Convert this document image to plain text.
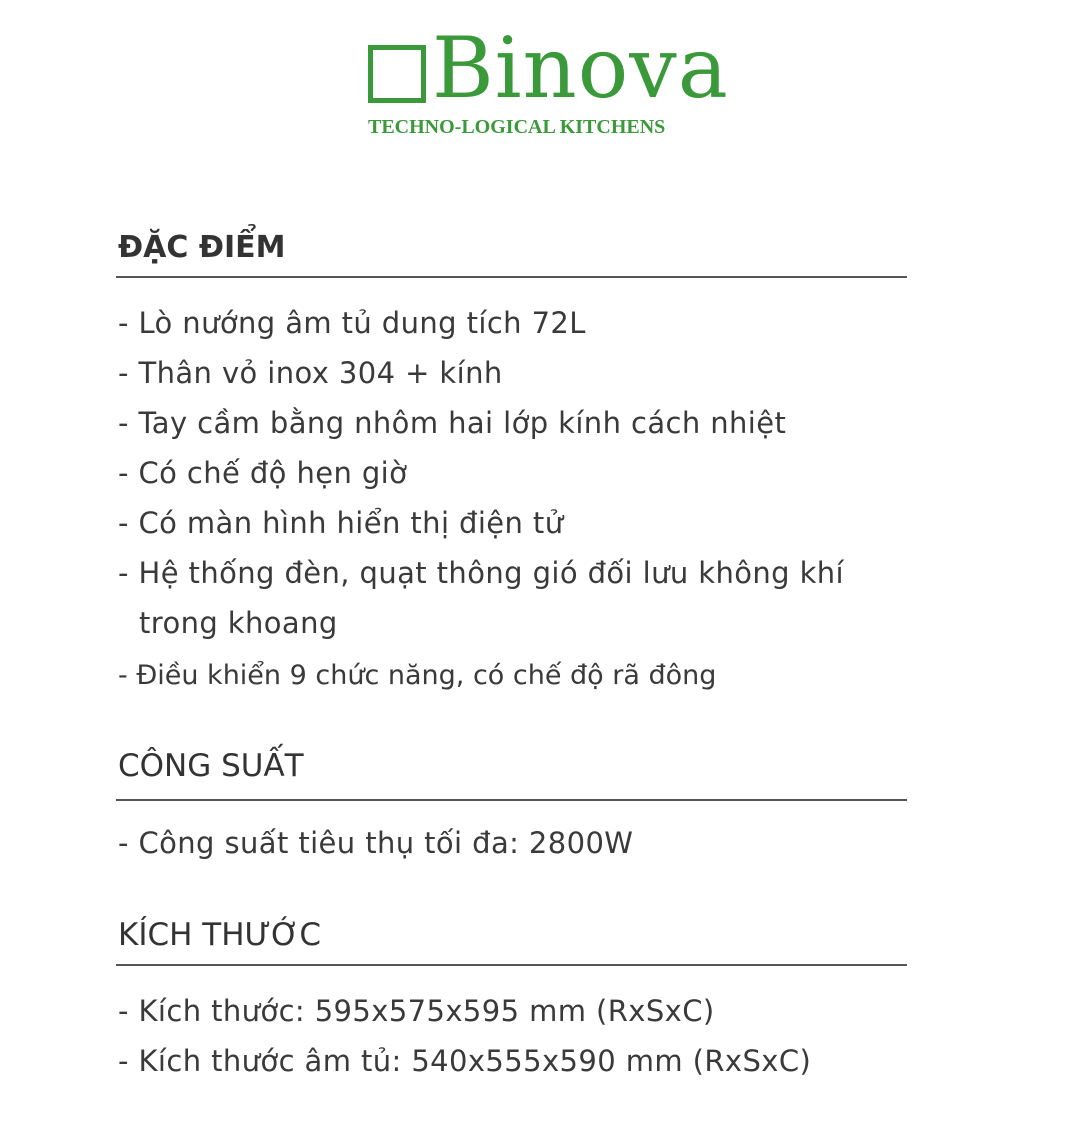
Binova
TECHNO-LOGICAL KITCHENS
ĐẶC ĐIỂM
- Lò nướng âm tủ dung tích 72L
- Thân vỏ inox 304 + kính
- Tay cầm bằng nhôm hai lớp kính cách nhiệt
- Có chế độ hẹn giờ
- Có màn hình hiển thị điện tử
- Hệ thống đèn, quạt thông gió đối lưu không khí
trong khoang
- Điều khiển 9 chức năng, có chế độ rã đông
CÔNG SUẤT
- Công suất tiêu thụ tối đa: 2800W
KÍCH THƯỚC
- Kích thước: 595x575x595 mm (RxSxC)
- Kích thước âm tủ: 540x555x590 mm (RxSxC)
